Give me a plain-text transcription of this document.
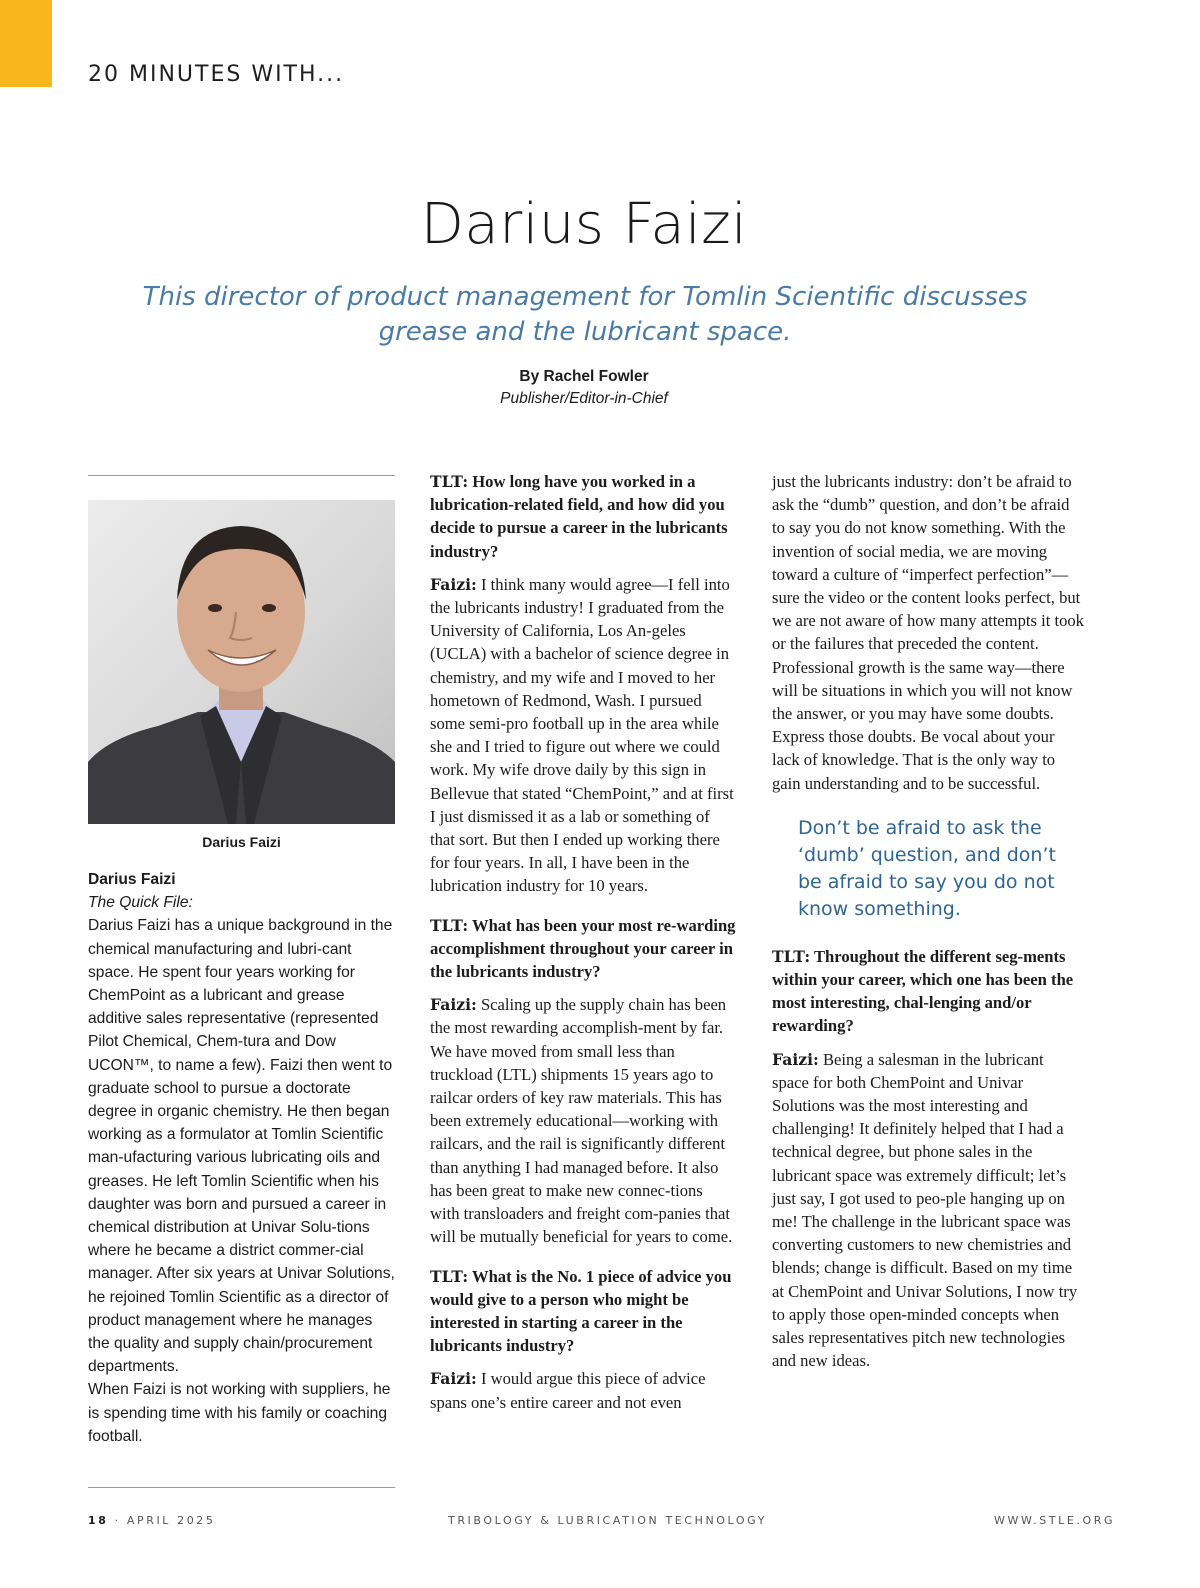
20 MINUTES WITH...
Darius Faizi
This director of product management for Tomlin Scientific discusses grease and the lubricant space.
By Rachel Fowler
Publisher/Editor-in-Chief
Darius Faizi

Darius Faizi

The Quick File:

Darius Faizi has a unique background in the chemical manufacturing and lubri-cant space. He spent four years working for ChemPoint as a lubricant and grease additive sales representative (represented Pilot Chemical, Chem-tura and Dow UCON™, to name a few). Faizi then went to graduate school to pursue a doctorate degree in organic chemistry. He then began working as a formulator at Tomlin Scientific man-ufacturing various lubricating oils and greases. He left Tomlin Scientific when his daughter was born and pursued a career in chemical distribution at Univar Solu-tions where he became a district commer-cial manager. After six years at Univar Solutions, he rejoined Tomlin Scientific as a director of product management where he manages the quality and supply chain/procurement departments.

When Faizi is not working with suppliers, he is spending time with his family or coaching football.

TLT: How long have you worked in a lubrication-related field, and how did you decide to pursue a career in the lubricants industry?

Faizi: I think many would agree—I fell into the lubricants industry! I graduated from the University of California, Los An-geles (UCLA) with a bachelor of science degree in chemistry, and my wife and I moved to her hometown of Redmond, Wash. I pursued some semi-pro football up in the area while she and I tried to figure out where we could work. My wife drove daily by this sign in Bellevue that stated “ChemPoint,” and at first I just dismissed it as a lab or something of that sort. But then I ended up working there for four years. In all, I have been in the lubrication industry for 10 years.

TLT: What has been your most re-warding accomplishment throughout your career in the lubricants industry?

Faizi: Scaling up the supply chain has been the most rewarding accomplish-ment by far. We have moved from small less than truckload (LTL) shipments 15 years ago to railcar orders of key raw materials. This has been extremely educational—working with railcars, and the rail is significantly different than anything I had managed before. It also has been great to make new connec-tions with transloaders and freight com-panies that will be mutually beneficial for years to come.

TLT: What is the No. 1 piece of advice you would give to a person who might be interested in starting a career in the lubricants industry?

Faizi: I would argue this piece of advice spans one’s entire career and not even

just the lubricants industry: don’t be afraid to ask the “dumb” question, and don’t be afraid to say you do not know something. With the invention of social media, we are moving toward a culture of “imperfect perfection”—sure the video or the content looks perfect, but we are not aware of how many attempts it took or the failures that preceded the content. Professional growth is the same way—there will be situations in which you will not know the answer, or you may have some doubts. Express those doubts. Be vocal about your lack of knowledge. That is the only way to gain understanding and to be successful.

Don’t be afraid to ask the ‘dumb’ question, and don’t be afraid to say you do not know something.

TLT: Throughout the different seg-ments within your career, which one has been the most interesting, chal-lenging and/or rewarding?

Faizi: Being a salesman in the lubricant space for both ChemPoint and Univar Solutions was the most interesting and challenging! It definitely helped that I had a technical degree, but phone sales in the lubricant space was extremely difficult; let’s just say, I got used to peo-ple hanging up on me! The challenge in the lubricant space was converting customers to new chemistries and blends; change is difficult. Based on my time at ChemPoint and Univar Solutions, I now try to apply those open-minded concepts when sales representatives pitch new technologies and new ideas.

18 · APRIL 2025	TRIBOLOGY & LUBRICATION TECHNOLOGY	WWW.STLE.ORG
